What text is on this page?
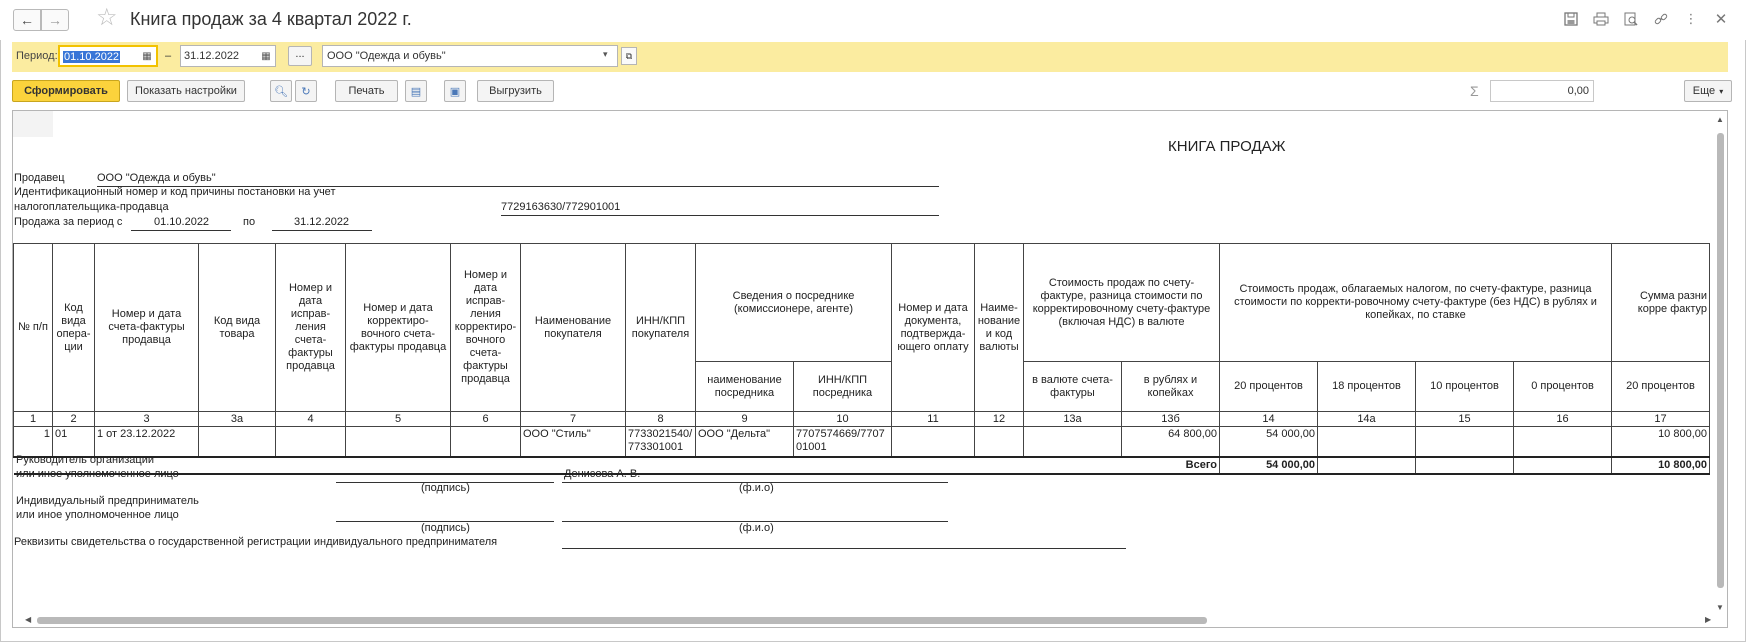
← → ☆ Книга продаж за 4 квартал 2022 г.	⋮ ✕
Период: 01.10.2022	▦	–	31.12.2022	▦	...	ООО "Одежда и обувь"	▾	⧉
Сформировать	Показать настройки	🔍︎	↻	Печать	▤	▣	Выгрузить	Σ	0,00	Еще ▾
КНИГА ПРОДАЖ
Продавец	ООО "Одежда и обувь"
Идентификационный номер и код причины постановки на учет
налогоплательщика-продавца	7729163630/772901001
Продажа за период с	01.10.2022	по	31.12.2022
№ п/п	Код вида опера-ции	Номер и дата счета-фактуры продавца	Код вида товара	Номер и дата исправ-ления счета-фактуры продавца	Номер и дата корректиро-вочного счета-фактуры продавца	Номер и дата исправ-ления корректиро-вочного счета-фактуры продавца	Наименование покупателя	ИНН/КПП покупателя	Сведения о посреднике (комиссионере, агенте)		Номер и дата документа, подтвержда-ющего оплату	Наиме-нование и код валюты	Стоимость продаж по счету-фактуре, разница стоимости по корректировочному счету-фактуре (включая НДС) в валюте		Стоимость продаж, облагаемых налогом, по счету-фактуре, разница стоимости по корректи-ровочному счету-фактуре (без НДС) в рублях и копейках, по ставке				Сумма разни корре фактур
									наименование посредника	ИНН/КПП посредника			в валюте счета-фактуры	в рублях и копейках	20 процентов	18 процентов	10 процентов	0 процентов	20 процентов
1	2	3	3а	4	5	6	7	8	9	10	11	12	13а	13б	14	14а	15	16	17
1	01	1 от 23.12.2022					ООО "Стиль"	7733021540/ 773301001	ООО "Дельта"	7707574669/7707 01001				64 800,00	54 000,00				10 800,00
Всего															54 000,00				10 800,00
Руководитель организации
или иное уполномоченное лицо	Денисова А. В.
(подпись)	(ф.и.о)
Индивидуальный предприниматель
или иное уполномоченное лицо
(подпись)	(ф.и.о)
Реквизиты свидетельства о государственной регистрации индивидуального предпринимателя
▲
▼
◀	▶
